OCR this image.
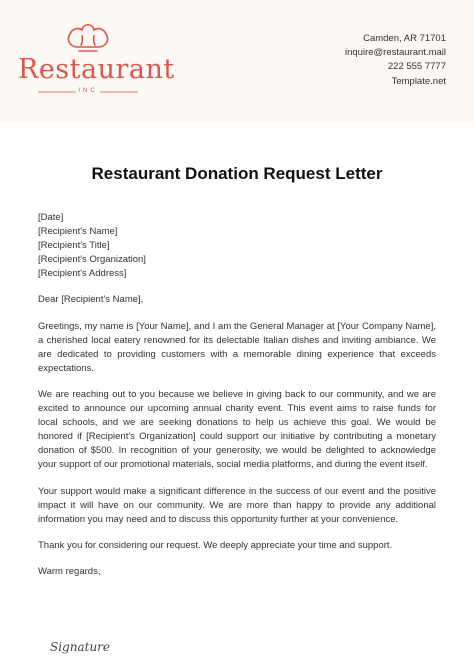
Restaurant
INC
Camden, AR 71701
inquire@restaurant.mail
222 555 7777
Template.net
Restaurant Donation Request Letter
[Date]
[Recipient's Name]
[Recipient's Title]
[Recipient's Organization]
[Recipient's Address]

Dear [Recipient's Name],

Greetings, my name is [Your Name], and I am the General Manager at [Your Company Name], a cherished local eatery renowned for its delectable Italian dishes and inviting ambiance. We are dedicated to providing customers with a memorable dining experience that exceeds expectations.

We are reaching out to you because we believe in giving back to our community, and we are excited to announce our upcoming annual charity event. This event aims to raise funds for local schools, and we are seeking donations to help us achieve this goal. We would be honored if [Recipient's Organization] could support our initiative by contributing a monetary donation of $500. In recognition of your generosity, we would be delighted to acknowledge your support of our promotional materials, social media platforms, and during the event itself.

Your support would make a significant difference in the success of our event and the positive impact it will have on our community. We are more than happy to provide any additional information you may need and to discuss this opportunity further at your convenience.

Thank you for considering our request. We deeply appreciate your time and support.

Warm regards,

Signature
